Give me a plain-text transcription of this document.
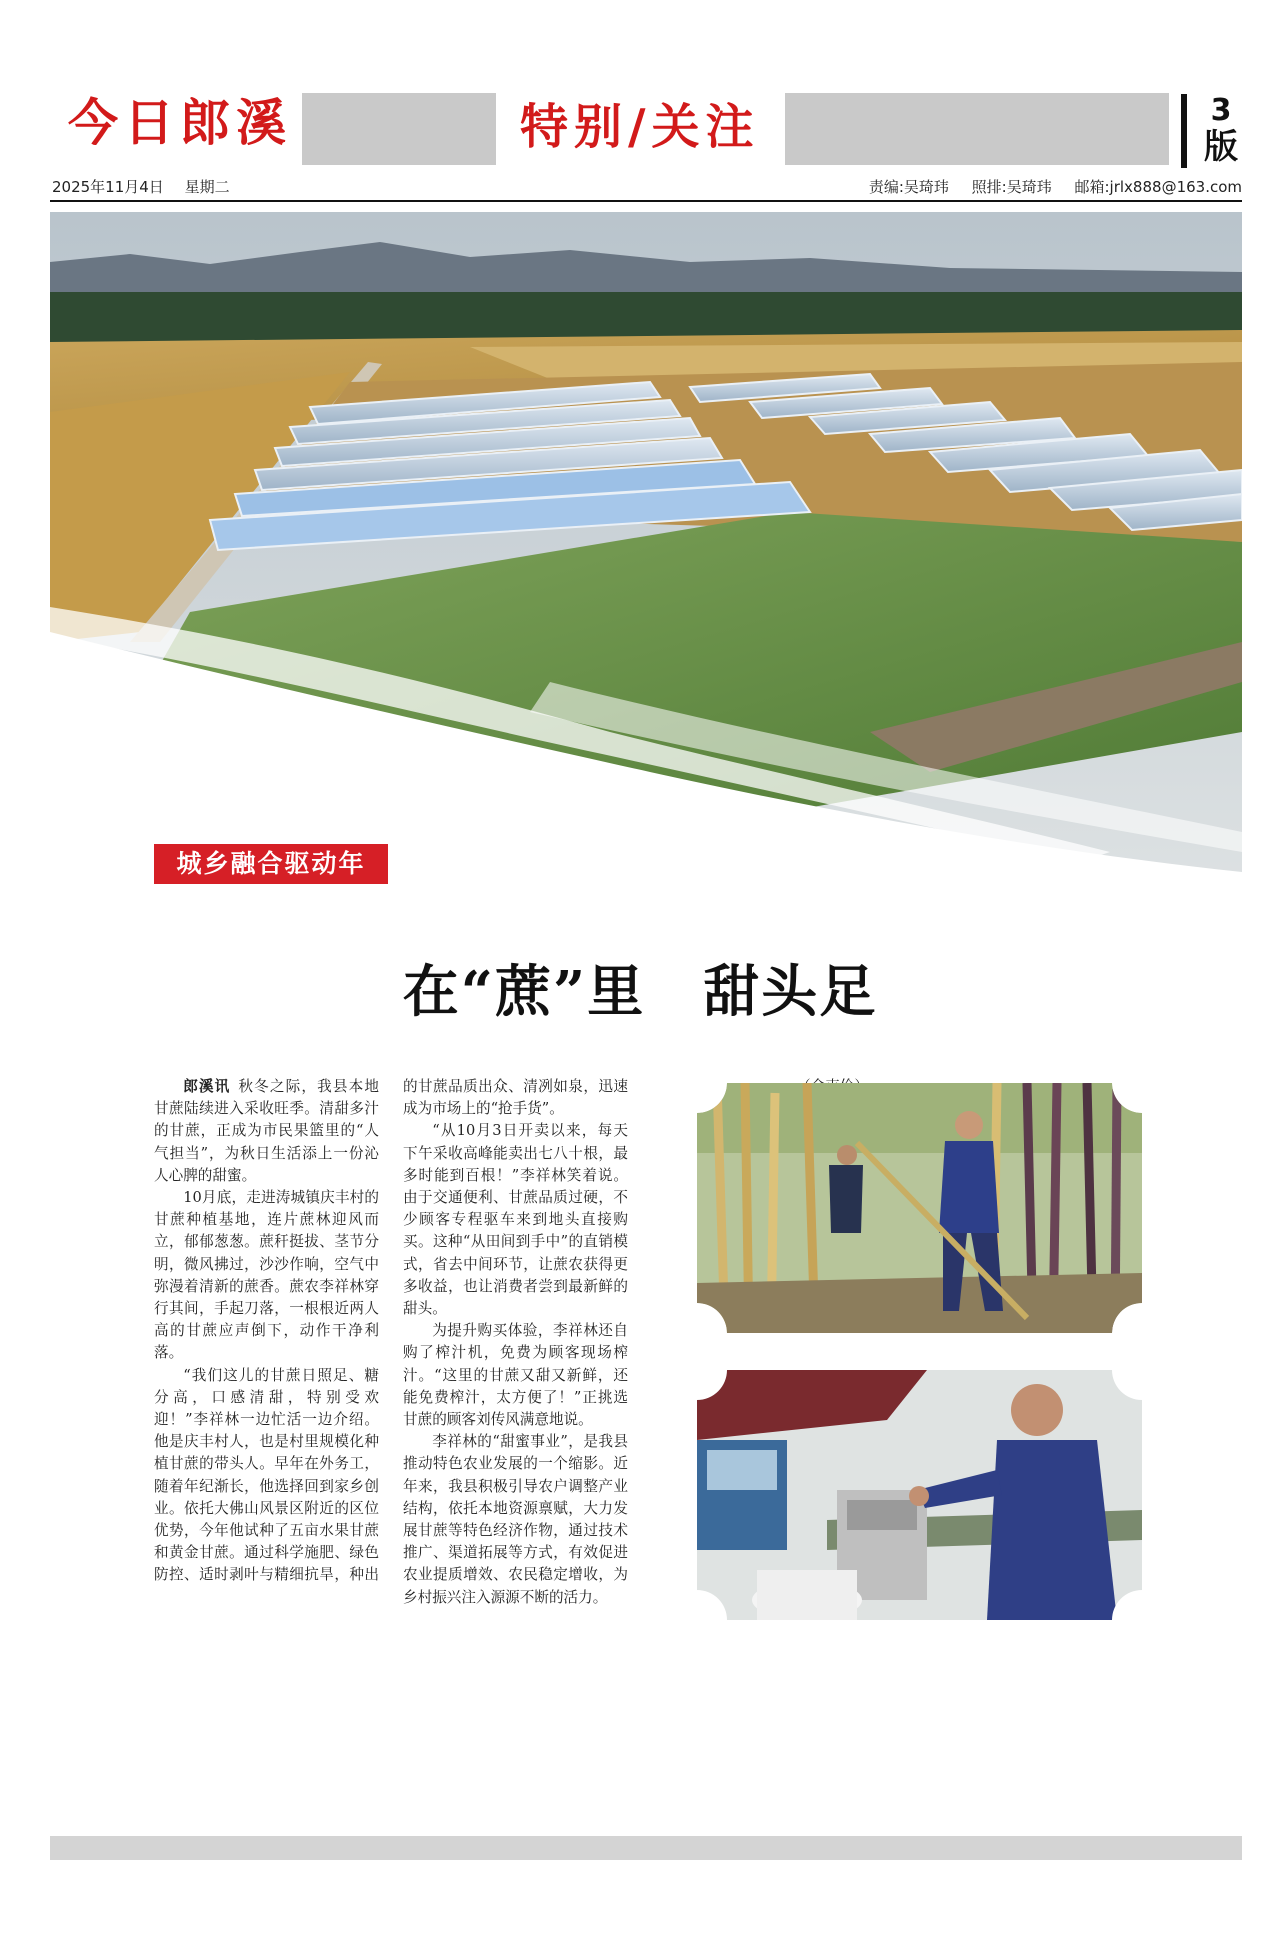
今日郎溪	特别/关注	3
版
2025年11月4日 星期二	责编:吴琦玮 照排:吴琦玮 邮箱:jrlx888@163.com
城乡融合驱动年
在“蔗”里　甜头足

郎溪讯 秋冬之际，我县本地甘蔗陆续进入采收旺季。清甜多汁的甘蔗，正成为市民果篮里的“人气担当”，为秋日生活添上一份沁人心脾的甜蜜。

10月底，走进涛城镇庆丰村的甘蔗种植基地，连片蔗林迎风而立，郁郁葱葱。蔗秆挺拔、茎节分明，微风拂过，沙沙作响，空气中弥漫着清新的蔗香。蔗农李祥林穿行其间，手起刀落，一根根近两人高的甘蔗应声倒下，动作干净利落。

“我们这儿的甘蔗日照足、糖分高，口感清甜，特别受欢迎！”李祥林一边忙活一边介绍。他是庆丰村人，也是村里规模化种植甘蔗的带头人。早年在外务工，随着年纪渐长，他选择回到家乡创业。依托大佛山风景区附近的区位优势，今年他试种了五亩水果甘蔗和黄金甘蔗。通过科学施肥、绿色防控、适时剥叶与精细抗旱，种出的甘蔗品质出众、清冽如泉，迅速成为市场上的“抢手货”。

“从10月3日开卖以来，每天下午采收高峰能卖出七八十根，最多时能到百根！”李祥林笑着说。由于交通便利、甘蔗品质过硬，不少顾客专程驱车来到地头直接购买。这种“从田间到手中”的直销模式，省去中间环节，让蔗农获得更多收益，也让消费者尝到最新鲜的甜头。

为提升购买体验，李祥林还自购了榨汁机，免费为顾客现场榨汁。“这里的甘蔗又甜又新鲜，还能免费榨汁，太方便了！”正挑选甘蔗的顾客刘传风满意地说。

李祥林的“甜蜜事业”，是我县推动特色农业发展的一个缩影。近年来，我县积极引导农户调整产业结构，依托本地资源禀赋，大力发展甘蔗等特色经济作物，通过技术推广、渠道拓展等方式，有效促进农业提质增效、农民稳定增收，为乡村振兴注入源源不断的活力。
